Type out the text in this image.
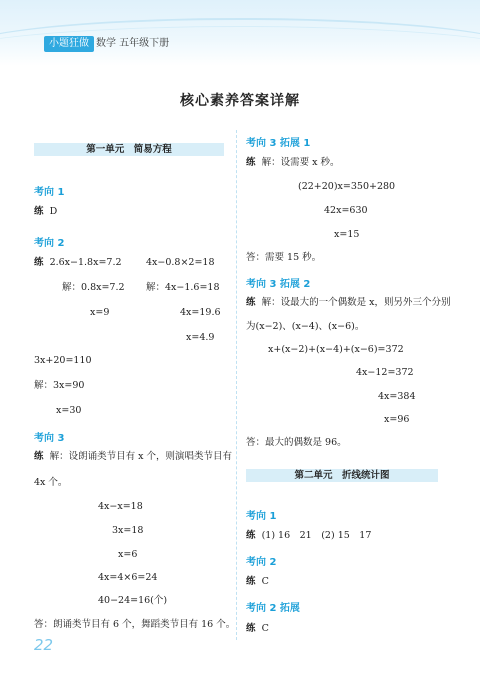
小题狂做 数学 五年级下册
核心素养答案详解
第一单元　简易方程
考向 1
练 D
考向 2
练 2.6x−1.8x=7.2	4x−0.8×2=18
解：0.8x=7.2 解：4x−1.6=18
x=9	4x=19.6
x=4.9
3x+20=110
解：3x=90
x=30
考向 3
练 解：设朗诵类节目有 x 个，则演唱类节目有
4x 个。
4x−x=18
3x=18
x=6
4x=4×6=24
40−24=16(个)
答：朗诵类节目有 6 个，舞蹈类节目有 16 个。
22
考向 3 拓展 1
练 解：设需要 x 秒。
(22+20)x=350+280
42x=630
x=15
答：需要 15 秒。
考向 3 拓展 2
练 解：设最大的一个偶数是 x，则另外三个分别
为(x−2)、(x−4)、(x−6)。
x+(x−2)+(x−4)+(x−6)=372
4x−12=372
4x=384
x=96
答：最大的偶数是 96。
第二单元　折线统计图
考向 1
练 (1) 16　21　(2) 15　17
考向 2
练 C
考向 2 拓展
练 C
